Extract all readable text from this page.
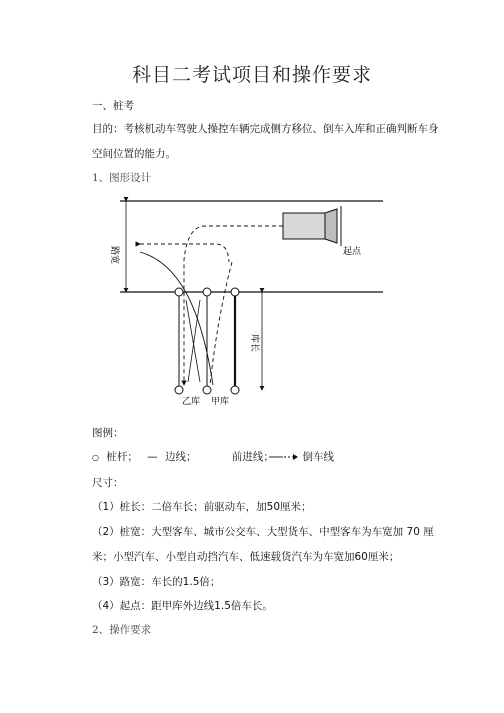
科目二考试项目和操作要求
一、桩考
目的：考核机动车驾驶人操控车辆完成侧方移位、倒车入库和正确判断车身
空间位置的能力。
1、图形设计
路宽	起点
库长
乙库 甲库
图例：
○ 桩杆； — 边线；	前进线；	倒车线
尺寸：
（1）桩长：二倍车长；前驱动车，加50厘米；
（2）桩宽：大型客车、城市公交车、大型货车、中型客车为车宽加 70 厘
米；小型汽车、小型自动挡汽车、低速载货汽车为车宽加60厘米；
（3）路宽：车长的1.5倍；
（4）起点：距甲库外边线1.5倍车长。
2、操作要求
